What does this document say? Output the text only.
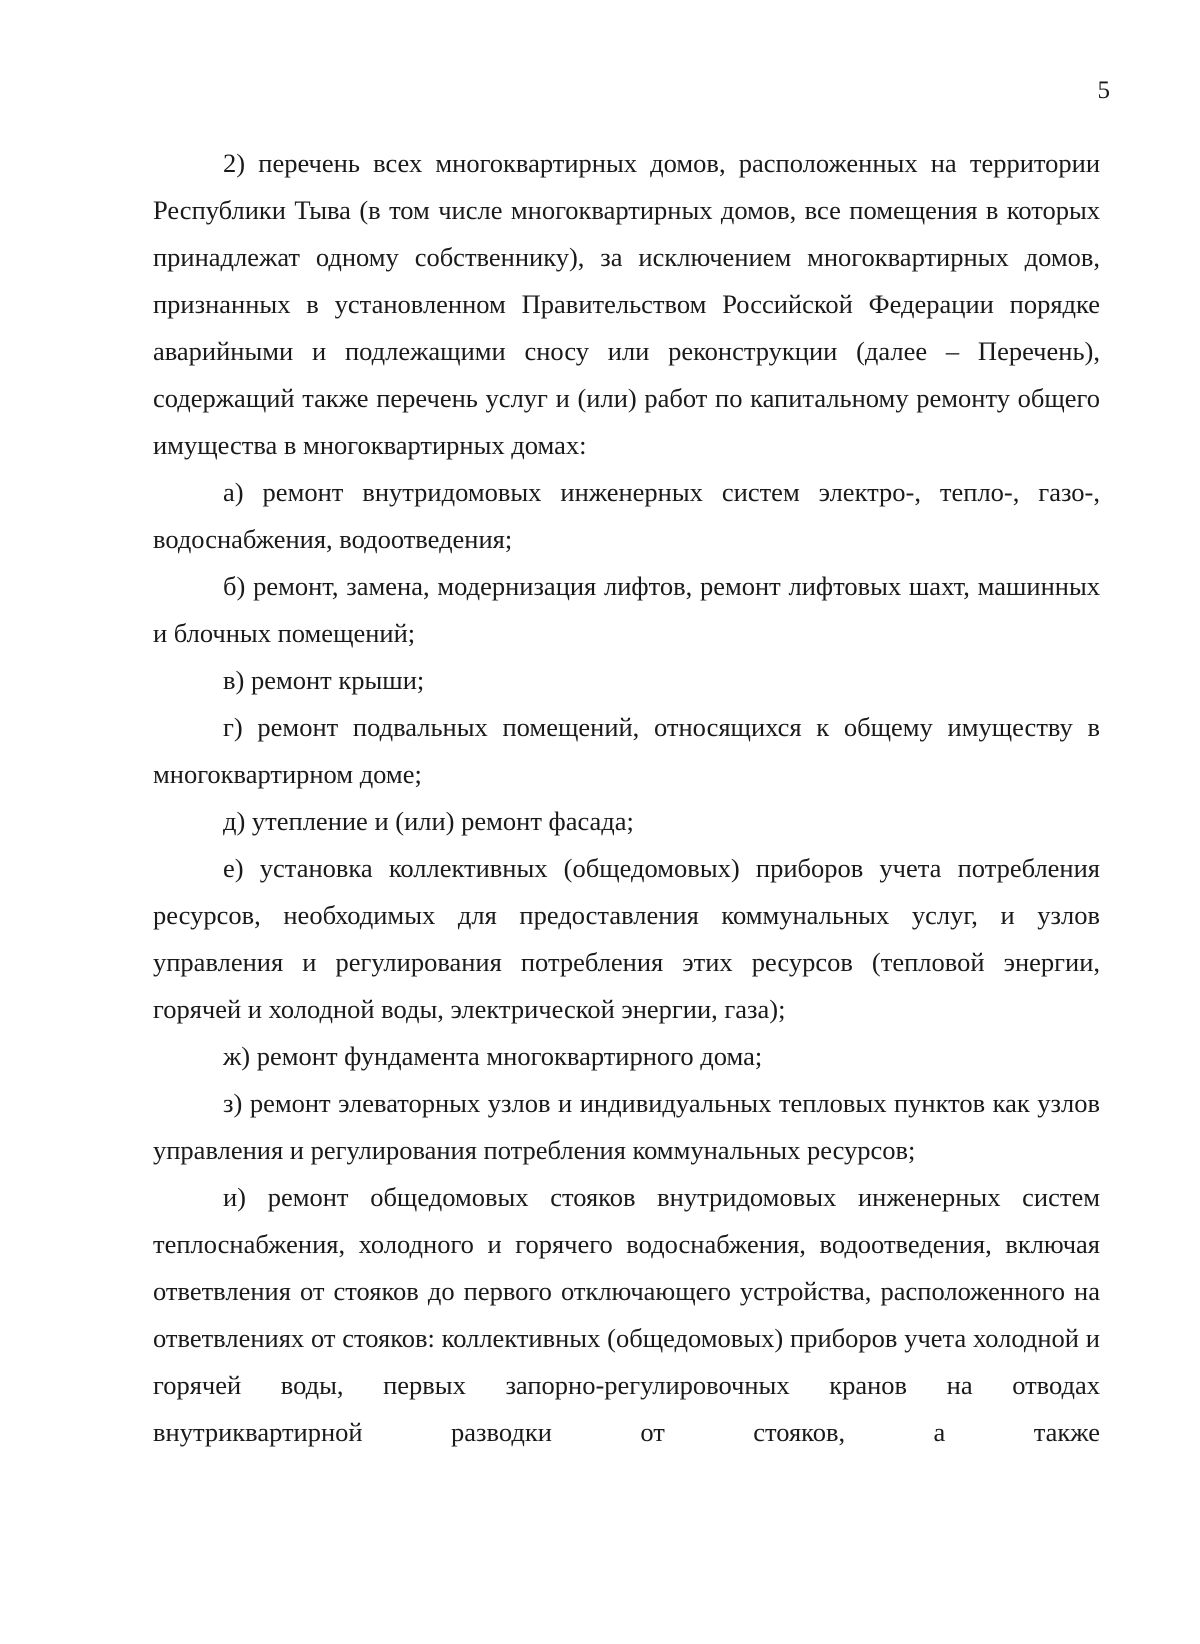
5

2) перечень всех многоквартирных домов, расположенных на территории Республики Тыва (в том числе многоквартирных домов, все помещения в которых принадлежат одному собственнику), за исключением многоквартирных домов, признанных в установленном Правительством Российской Федерации порядке аварийными и подлежащими сносу или реконструкции (далее – Перечень), содержащий также перечень услуг и (или) работ по капитальному ремонту общего имущества в многоквартирных домах:

а) ремонт внутридомовых инженерных систем электро-, тепло-, газо-, водоснабжения, водоотведения;

б) ремонт, замена, модернизация лифтов, ремонт лифтовых шахт, машинных и блочных помещений;

в) ремонт крыши;

г) ремонт подвальных помещений, относящихся к общему имуществу в многоквартирном доме;

д) утепление и (или) ремонт фасада;

е) установка коллективных (общедомовых) приборов учета потребления ресурсов, необходимых для предоставления коммунальных услуг, и узлов управления и регулирования потребления этих ресурсов (тепловой энергии, горячей и холодной воды, электрической энергии, газа);

ж) ремонт фундамента многоквартирного дома;

з) ремонт элеваторных узлов и индивидуальных тепловых пунктов как узлов управления и регулирования потребления коммунальных ресурсов;

и) ремонт общедомовых стояков внутридомовых инженерных систем теплоснабжения, холодного и горячего водоснабжения, водоотведения, включая ответвления от стояков до первого отключающего устройства, расположенного на ответвлениях от стояков: коллективных (общедомовых) приборов учета холодной и горячей воды, первых запорно-регулировочных кранов на отводах внутриквартирной разводки от стояков, а также
